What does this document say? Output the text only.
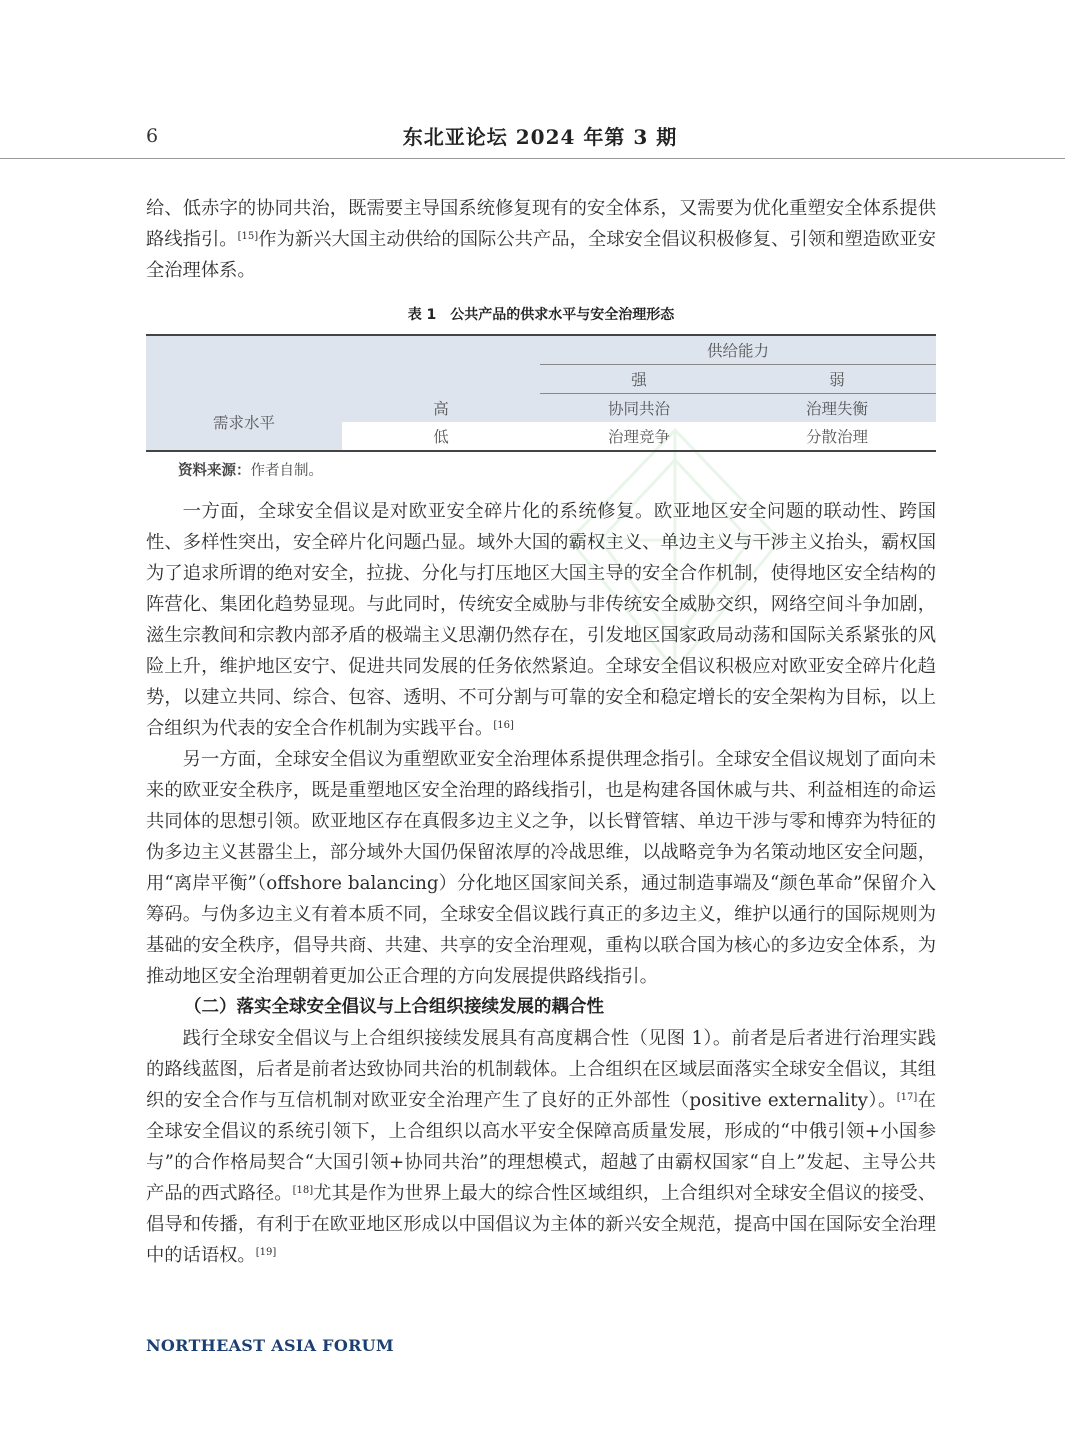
6	东北亚论坛 2024 年第 3 期

给、低赤字的协同共治，既需要主导国系统修复现有的安全体系，又需要为优化重塑安全体系提供路线指引。[15]作为新兴大国主动供给的国际公共产品，全球安全倡议积极修复、引领和塑造欧亚安全治理体系。

表 1　公共产品的供求水平与安全治理形态
		供给能力	
		强	弱
需求水平	高	协同共治	治理失衡
	低	治理竞争	分散治理
资料来源：作者自制。

一方面，全球安全倡议是对欧亚安全碎片化的系统修复。欧亚地区安全问题的联动性、跨国性、多样性突出，安全碎片化问题凸显。域外大国的霸权主义、单边主义与干涉主义抬头，霸权国为了追求所谓的绝对安全，拉拢、分化与打压地区大国主导的安全合作机制，使得地区安全结构的阵营化、集团化趋势显现。与此同时，传统安全威胁与非传统安全威胁交织，网络空间斗争加剧，滋生宗教间和宗教内部矛盾的极端主义思潮仍然存在，引发地区国家政局动荡和国际关系紧张的风险上升，维护地区安宁、促进共同发展的任务依然紧迫。全球安全倡议积极应对欧亚安全碎片化趋势，以建立共同、综合、包容、透明、不可分割与可靠的安全和稳定增长的安全架构为目标，以上合组织为代表的安全合作机制为实践平台。[16]

另一方面，全球安全倡议为重塑欧亚安全治理体系提供理念指引。全球安全倡议规划了面向未来的欧亚安全秩序，既是重塑地区安全治理的路线指引，也是构建各国休戚与共、利益相连的命运共同体的思想引领。欧亚地区存在真假多边主义之争，以长臂管辖、单边干涉与零和博弈为特征的伪多边主义甚嚣尘上，部分域外大国仍保留浓厚的冷战思维，以战略竞争为名策动地区安全问题，用“离岸平衡”（offshore balancing）分化地区国家间关系，通过制造事端及“颜色革命”保留介入筹码。与伪多边主义有着本质不同，全球安全倡议践行真正的多边主义，维护以通行的国际规则为基础的安全秩序，倡导共商、共建、共享的安全治理观，重构以联合国为核心的多边安全体系，为推动地区安全治理朝着更加公正合理的方向发展提供路线指引。

（二）落实全球安全倡议与上合组织接续发展的耦合性

践行全球安全倡议与上合组织接续发展具有高度耦合性（见图 1）。前者是后者进行治理实践的路线蓝图，后者是前者达致协同共治的机制载体。上合组织在区域层面落实全球安全倡议，其组织的安全合作与互信机制对欧亚安全治理产生了良好的正外部性（positive externality）。[17]在全球安全倡议的系统引领下，上合组织以高水平安全保障高质量发展，形成的“中俄引领+小国参与”的合作格局契合“大国引领+协同共治”的理想模式，超越了由霸权国家“自上”发起、主导公共产品的西式路径。[18]尤其是作为世界上最大的综合性区域组织，上合组织对全球安全倡议的接受、倡导和传播，有利于在欧亚地区形成以中国倡议为主体的新兴安全规范，提高中国在国际安全治理中的话语权。[19]

NORTHEAST ASIA FORUM
